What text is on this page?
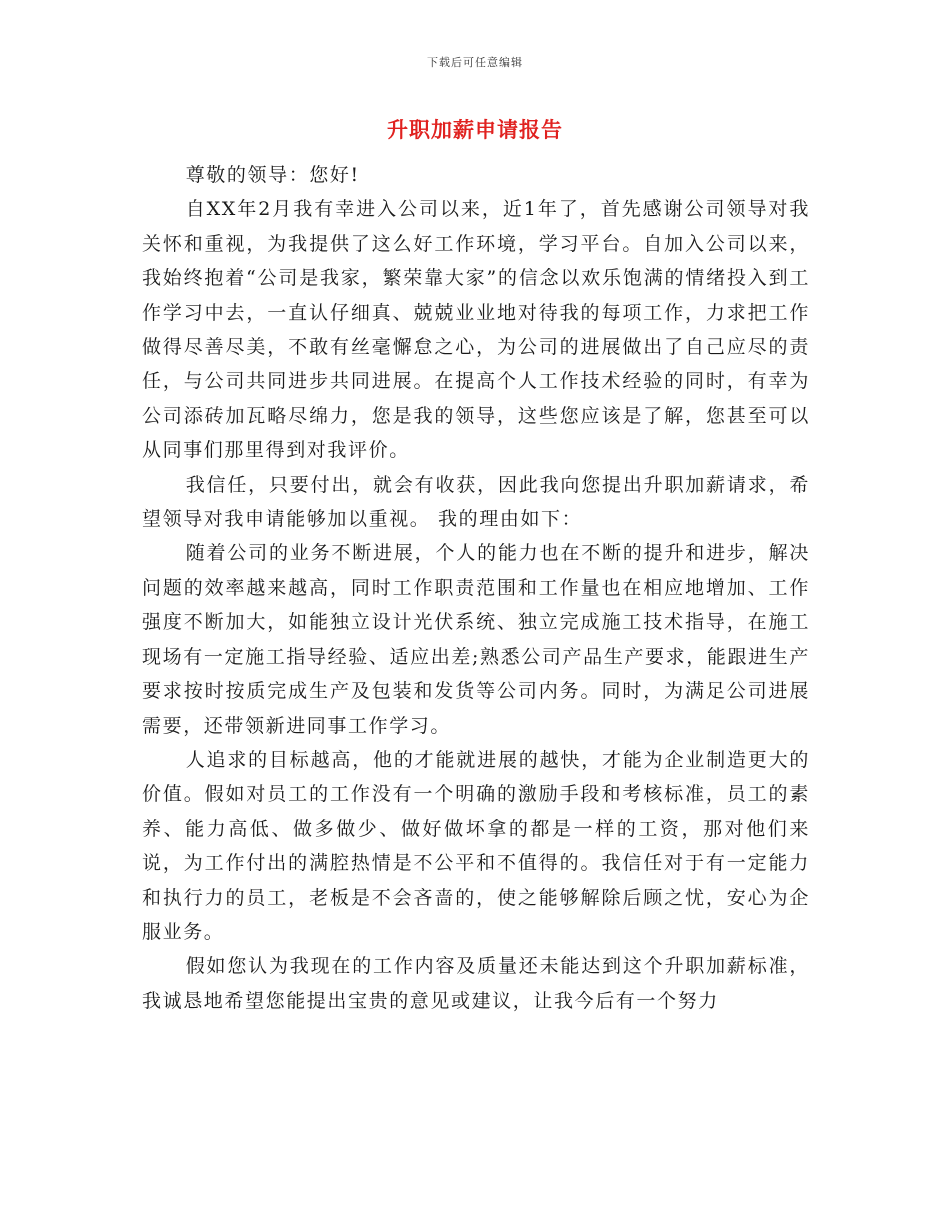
下载后可任意编辑
升职加薪申请报告

尊敬的领导：您好!

自XX年2月我有幸进入公司以来，近1年了，首先感谢公司领导对我关怀和重视，为我提供了这么好工作环境，学习平台。自加入公司以来，我始终抱着“公司是我家，繁荣靠大家”的信念以欢乐饱满的情绪投入到工作学习中去，一直认仔细真、兢兢业业地对待我的每项工作，力求把工作做得尽善尽美，不敢有丝毫懈怠之心，为公司的进展做出了自己应尽的责任，与公司共同进步共同进展。在提高个人工作技术经验的同时，有幸为公司添砖加瓦略尽绵力，您是我的领导，这些您应该是了解，您甚至可以从同事们那里得到对我评价。

我信任，只要付出，就会有收获，因此我向您提出升职加薪请求，希望领导对我申请能够加以重视。 我的理由如下：

随着公司的业务不断进展，个人的能力也在不断的提升和进步，解决问题的效率越来越高，同时工作职责范围和工作量也在相应地增加、工作强度不断加大，如能独立设计光伏系统、独立完成施工技术指导，在施工现场有一定施工指导经验、适应出差;熟悉公司产品生产要求，能跟进生产要求按时按质完成生产及包装和发货等公司内务。同时，为满足公司进展需要，还带领新进同事工作学习。

人追求的目标越高，他的才能就进展的越快，才能为企业制造更大的价值。假如对员工的工作没有一个明确的激励手段和考核标准，员工的素养、能力高低、做多做少、做好做坏拿的都是一样的工资，那对他们来说，为工作付出的满腔热情是不公平和不值得的。我信任对于有一定能力和执行力的员工，老板是不会吝啬的，使之能够解除后顾之忧，安心为企服业务。

假如您认为我现在的工作内容及质量还未能达到这个升职加薪标准，我诚恳地希望您能提出宝贵的意见或建议，让我今后有一个努力
